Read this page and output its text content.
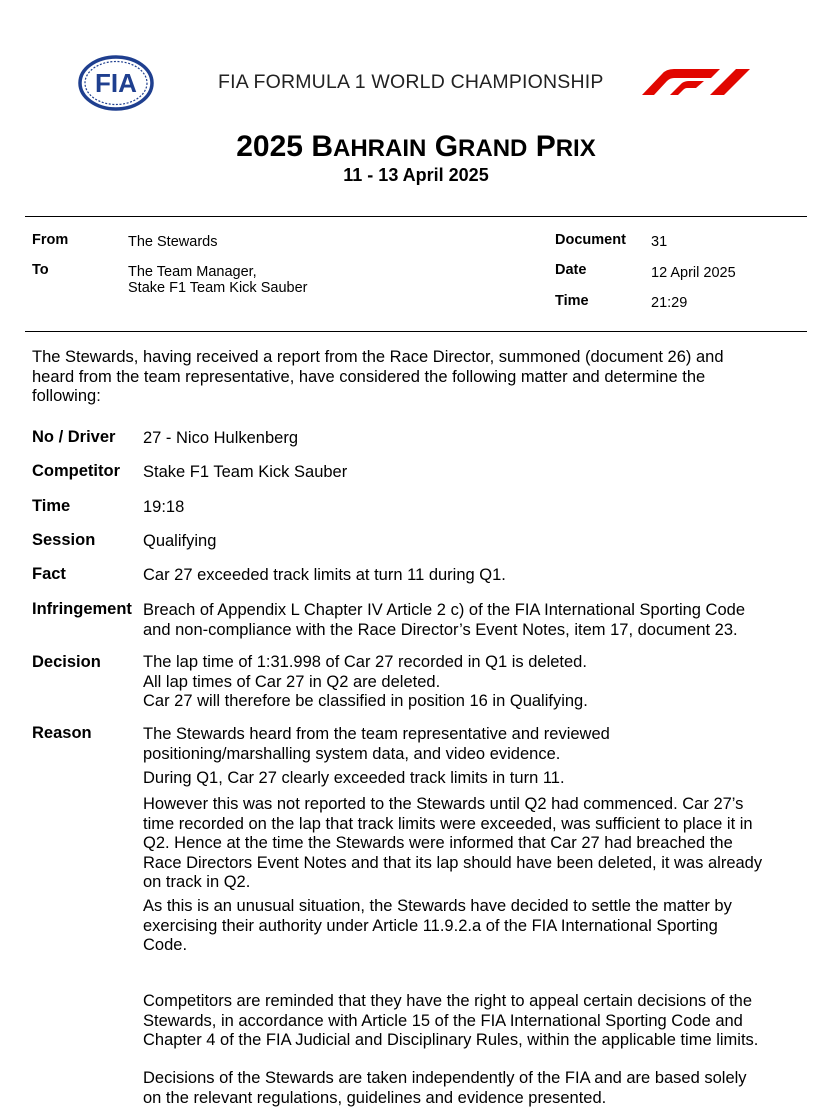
FIA	FIA FORMULA 1 WORLD CHAMPIONSHIP
F1
2025 BAHRAIN GRAND PRIX
11 - 13 April 2025
From	The Stewards
To	The Team Manager,
Stake F1 Team Kick Sauber
Document 31
Date	12 April 2025
Time	21:29
The Stewards, having received a report from the Race Director, summoned (document 26) and
heard from the team representative, have considered the following matter and determine the
following:
No / Driver 27 - Nico Hulkenberg
Competitor Stake F1 Team Kick Sauber
Time	19:18
Session	Qualifying
Fact	Car 27 exceeded track limits at turn 11 during Q1.
Infringement Breach of Appendix L Chapter IV Article 2 c) of the FIA International Sporting Code
and non-compliance with the Race Director’s Event Notes, item 17, document 23.
Decision	The lap time of 1:31.998 of Car 27 recorded in Q1 is deleted.
All lap times of Car 27 in Q2 are deleted.
Car 27 will therefore be classified in position 16 in Qualifying.
Reason	The Stewards heard from the team representative and reviewed
positioning/marshalling system data, and video evidence.
During Q1, Car 27 clearly exceeded track limits in turn 11.
However this was not reported to the Stewards until Q2 had commenced. Car 27’s
time recorded on the lap that track limits were exceeded, was sufficient to place it in
Q2. Hence at the time the Stewards were informed that Car 27 had breached the
Race Directors Event Notes and that its lap should have been deleted, it was already
on track in Q2.
As this is an unusual situation, the Stewards have decided to settle the matter by
exercising their authority under Article 11.9.2.a of the FIA International Sporting
Code.
Competitors are reminded that they have the right to appeal certain decisions of the
Stewards, in accordance with Article 15 of the FIA International Sporting Code and
Chapter 4 of the FIA Judicial and Disciplinary Rules, within the applicable time limits.
Decisions of the Stewards are taken independently of the FIA and are based solely
on the relevant regulations, guidelines and evidence presented.
